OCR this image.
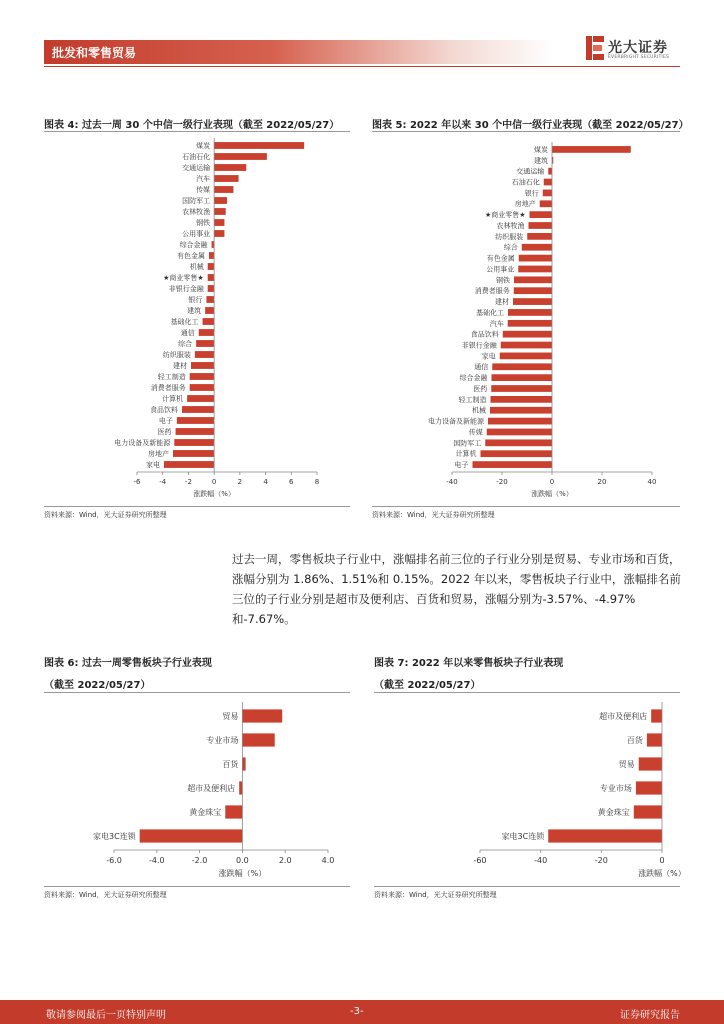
批发和零售贸易	光大证券
EVERBRIGHT SECURITIES
图表 4: 过去一周 30 个中信一级行业表现（截至 2022/05/27）
煤炭
石油石化
交通运输
汽车
传媒
国防军工
农林牧渔
钢铁
公用事业
综合金融
有色金属
机械
★商业零售★
非银行金融
银行
建筑
基础化工
通信
综合
纺织服装
建材
轻工制造
消费者服务
计算机
食品饮料
电子
医药
电力设备及新能源
房地产
家电
-6	-4	-2	0	2	4	6	8
涨跌幅（%）
资料来源：Wind，光大证券研究所整理
图表 5: 2022 年以来 30 个中信一级行业表现（截至 2022/05/27）
煤炭
建筑
交通运输
石油石化
银行
房地产
★商业零售★
农林牧渔
纺织服装
综合
有色金属
公用事业
钢铁
消费者服务
建材
基础化工
汽车
食品饮料
非银行金融
家电
通信
综合金融
医药
轻工制造
机械
电力设备及新能源
传媒
国防军工
计算机
电子
-40	-20	0	20	40
涨跌幅（%）
资料来源：Wind，光大证券研究所整理
过去一周，零售板块子行业中，涨幅排名前三位的子行业分别是贸易、专业市场和百货，涨幅分别为 1.86%、1.51%和 0.15%。2022 年以来，零售板块子行业中，涨幅排名前三位的子行业分别是超市及便利店、百货和贸易，涨幅分别为-3.57%、-4.97%和-7.67%。
图表 6: 过去一周零售板块子行业表现
（截至 2022/05/27）
贸易
专业市场
百货
超市及便利店
黄金珠宝
家电3C连锁
-6.0	-4.0	-2.0	0.0	2.0	4.0
涨跌幅（%）
资料来源：Wind，光大证券研究所整理
图表 7: 2022 年以来零售板块子行业表现
（截至 2022/05/27）
超市及便利店
百货
贸易
专业市场
黄金珠宝
家电3C连锁
-60	-40	-20	0
涨跌幅（%）
资料来源：Wind，光大证券研究所整理
敬请参阅最后一页特别声明	-3-	证券研究报告
